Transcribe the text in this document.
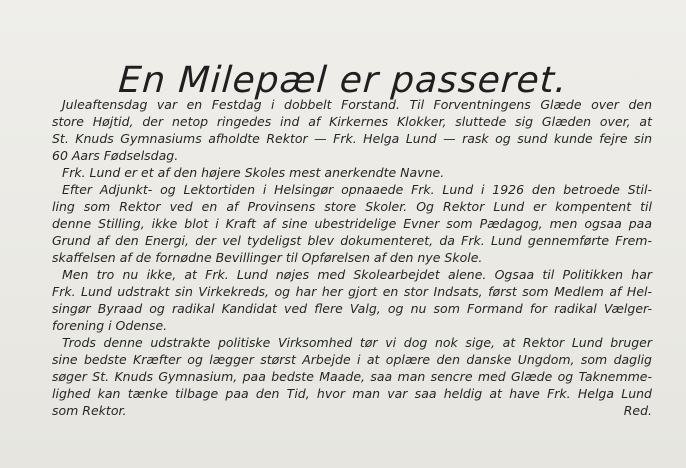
En Milepæl er passeret.
Juleaftensdag var en Festdag i dobbelt Forstand. Til Forventningens Glæde over den
store Højtid, der netop ringedes ind af Kirkernes Klokker, sluttede sig Glæden over, at
St. Knuds Gymnasiums afholdte Rektor — Frk. Helga Lund — rask og sund kunde fejre sin
60 Aars Fødselsdag.
Frk. Lund er et af den højere Skoles mest anerkendte Navne.
Efter Adjunkt- og Lektortiden i Helsingør opnaaede Frk. Lund i 1926 den betroede Stil-
ling som Rektor ved en af Provinsens store Skoler. Og Rektor Lund er kompentent til
denne Stilling, ikke blot i Kraft af sine ubestridelige Evner som Pædagog, men ogsaa paa
Grund af den Energi, der vel tydeligst blev dokumenteret, da Frk. Lund gennemførte Frem-
skaffelsen af de fornødne Bevillinger til Opførelsen af den nye Skole.
Men tro nu ikke, at Frk. Lund nøjes med Skolearbejdet alene. Ogsaa til Politikken har
Frk. Lund udstrakt sin Virkekreds, og har her gjort en stor Indsats, først som Medlem af Hel-
singør Byraad og radikal Kandidat ved flere Valg, og nu som Formand for radikal Vælger-
forening i Odense.
Trods denne udstrakte politiske Virksomhed tør vi dog nok sige, at Rektor Lund bruger
sine bedste Kræfter og lægger størst Arbejde i at oplære den danske Ungdom, som daglig
søger St. Knuds Gymnasium, paa bedste Maade, saa man sencre med Glæde og Taknemme-
lighed kan tænke tilbage paa den Tid, hvor man var saa heldig at have Frk. Helga Lund
som Rektor.	Red.
